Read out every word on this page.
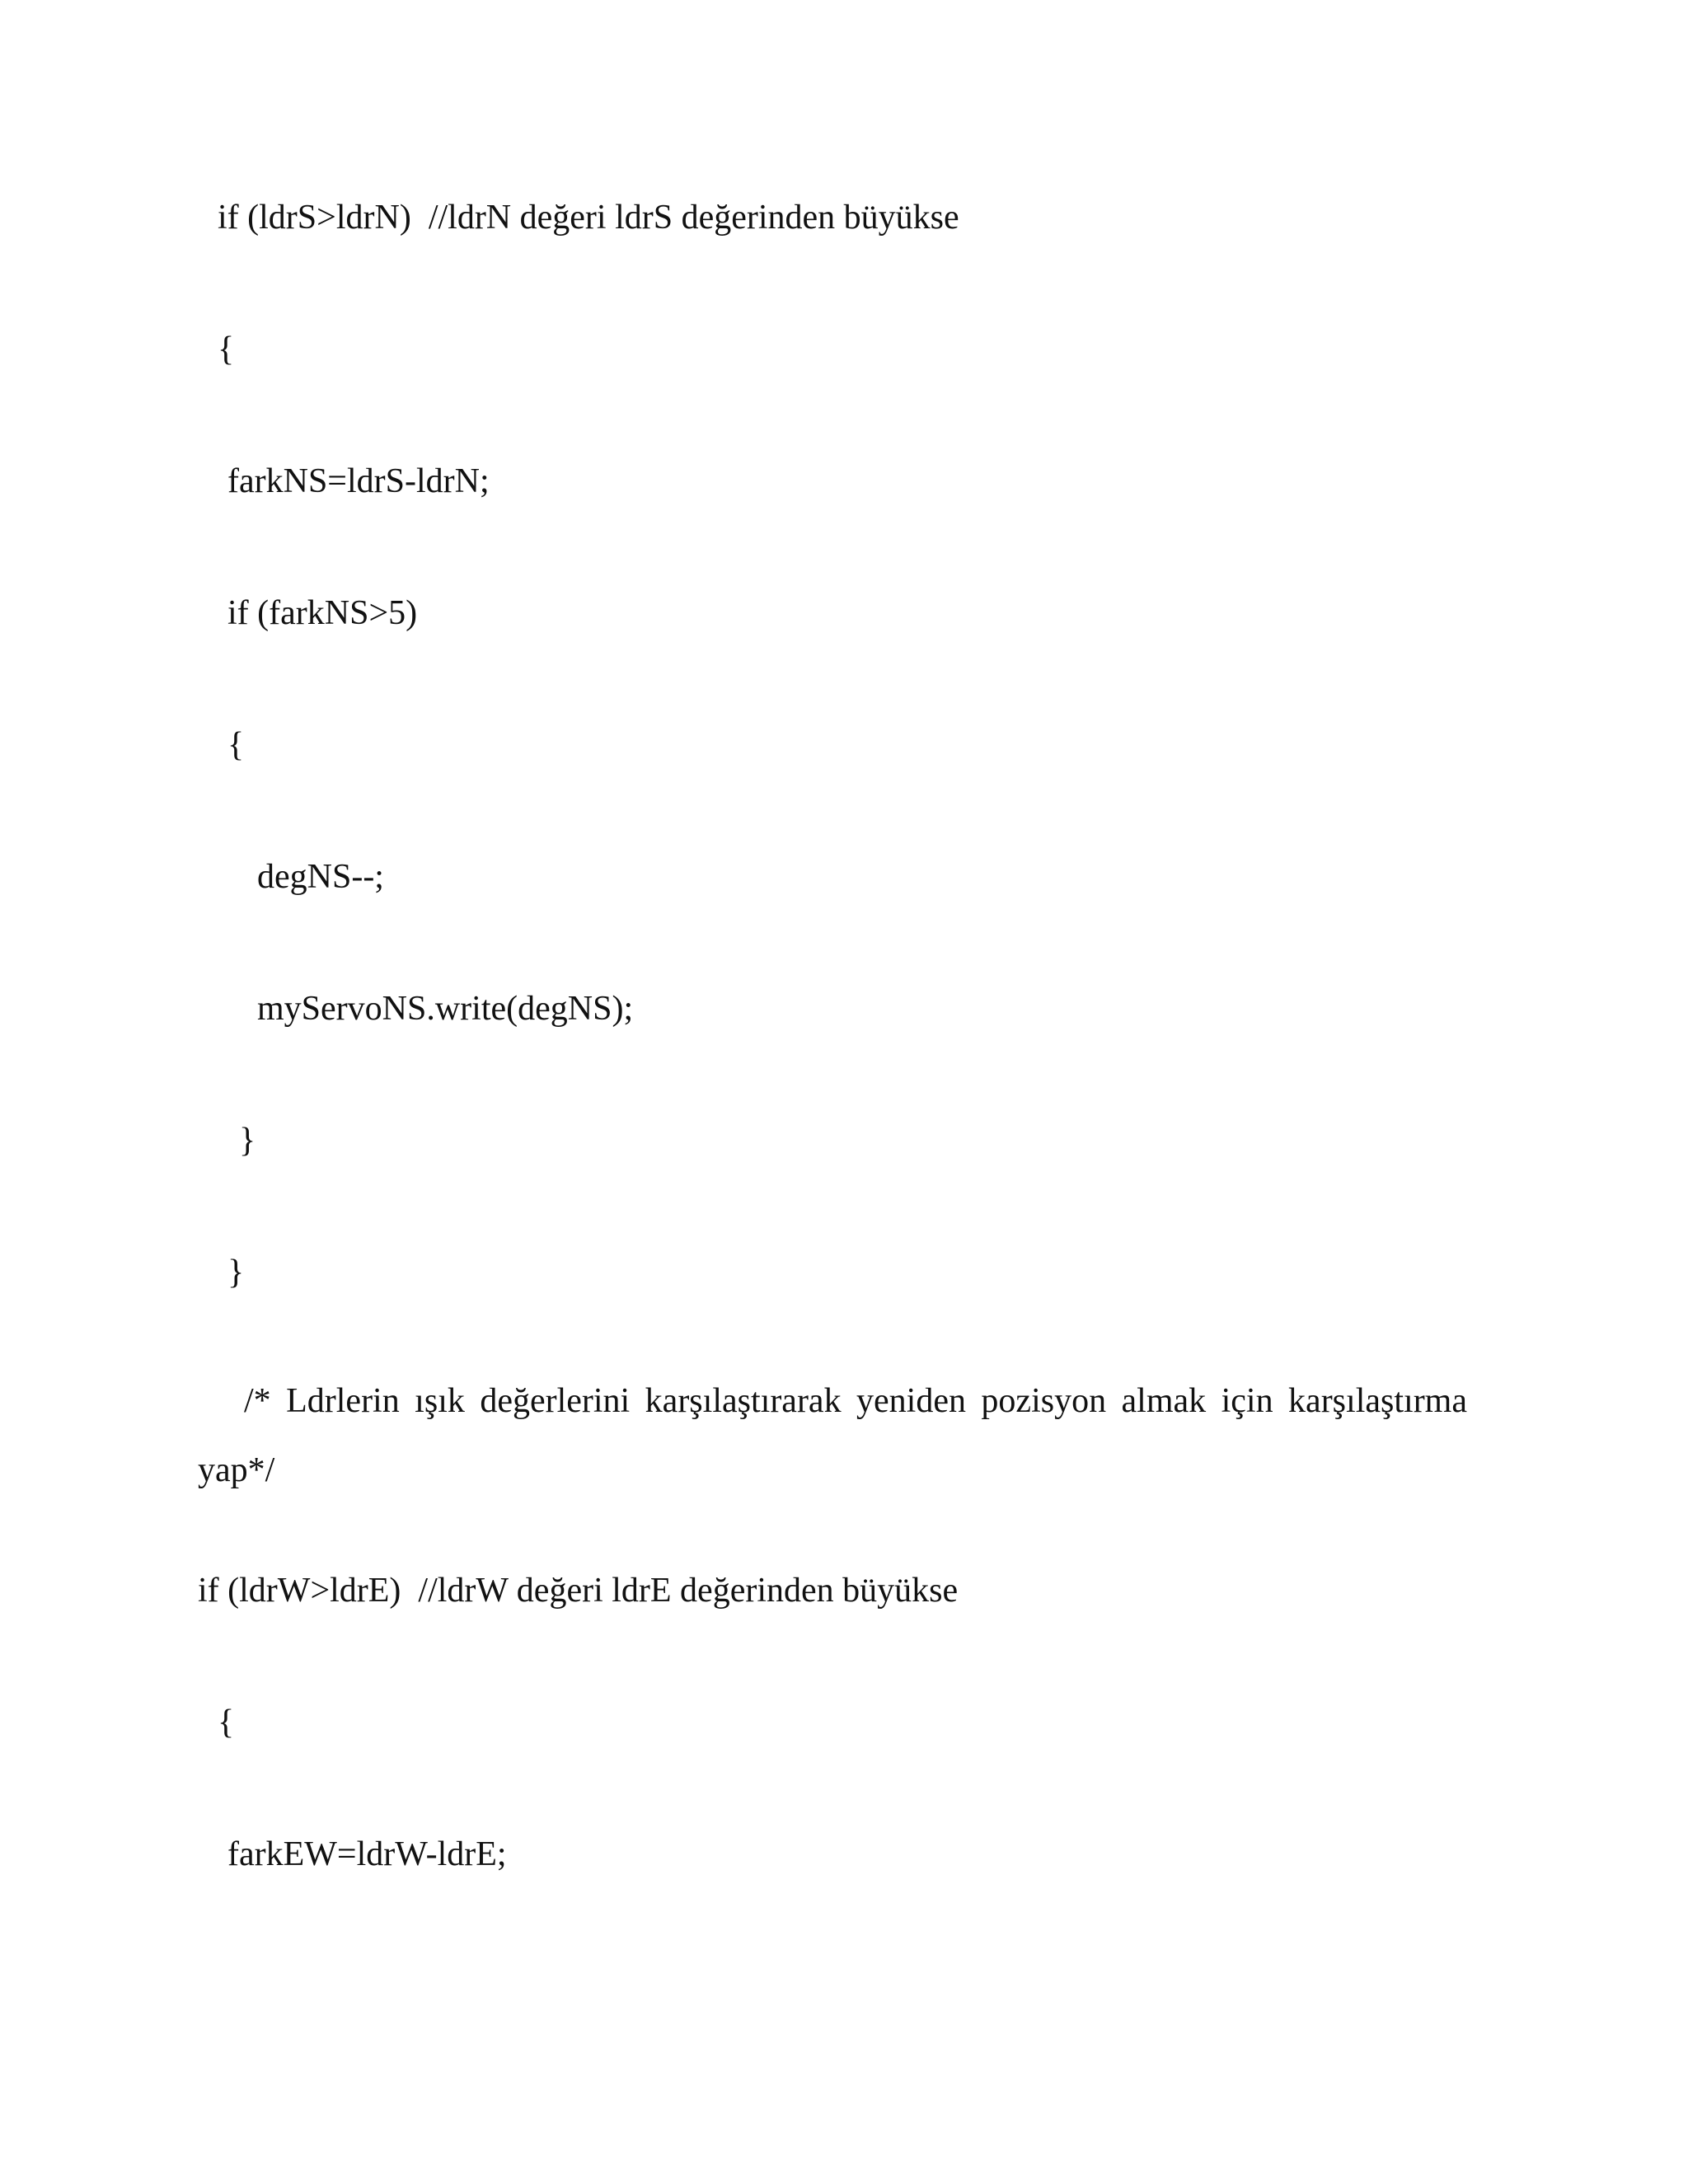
if (ldrS>ldrN)  //ldrN değeri ldrS değerinden büyükse

{

farkNS=ldrS-ldrN;

if (farkNS>5)

{

degNS--;

myServoNS.write(degNS);

}

}

/* Ldrlerin ışık değerlerini karşılaştırarak yeniden pozisyon almak için karşılaştırma yap*/

if (ldrW>ldrE)  //ldrW değeri ldrE değerinden büyükse

{

farkEW=ldrW-ldrE;
